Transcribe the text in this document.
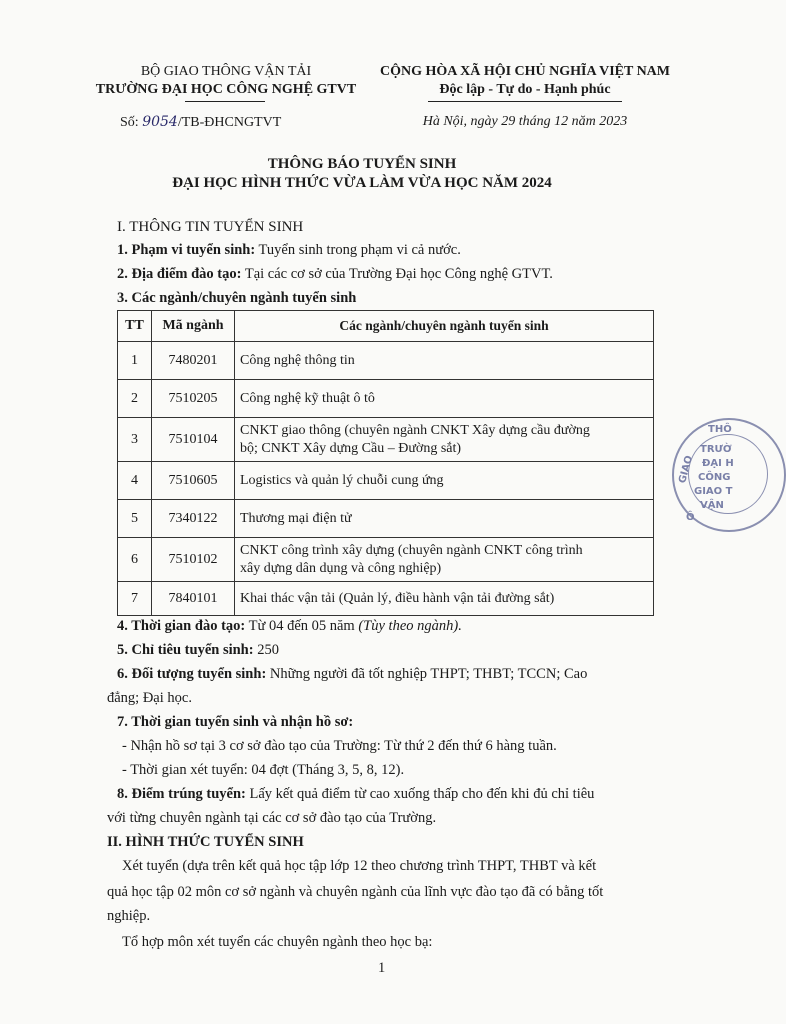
BỘ GIAO THÔNG VẬN TẢI
TRƯỜNG ĐẠI HỌC CÔNG NGHỆ GTVT
Số: 9054/TB-ĐHCNGTVT
CỘNG HÒA XÃ HỘI CHỦ NGHĨA VIỆT NAM
Độc lập - Tự do - Hạnh phúc
Hà Nội, ngày 29 tháng 12 năm 2023
THÔNG BÁO TUYỂN SINH
ĐẠI HỌC HÌNH THỨC VỪA LÀM VỪA HỌC NĂM 2024
I. THÔNG TIN TUYỂN SINH
1. Phạm vi tuyển sinh: Tuyển sinh trong phạm vi cả nước.
2. Địa điểm đào tạo: Tại các cơ sở của Trường Đại học Công nghệ GTVT.
3. Các ngành/chuyên ngành tuyển sinh
TT	Mã ngành	Các ngành/chuyên ngành tuyển sinh
1	7480201	Công nghệ thông tin
2	7510205	Công nghệ kỹ thuật ô tô
3	7510104	CNKT giao thông (chuyên ngành CNKT Xây dựng cầu đường
bộ; CNKT Xây dựng Cầu – Đường sắt)

4	7510605	Logistics và quản lý chuỗi cung ứng
5	7340122	Thương mại điện tử
6	7510102	CNKT công trình xây dựng (chuyên ngành CNKT công trình
xây dựng dân dụng và công nghiệp)

7	7840101	Khai thác vận tải (Quản lý, điều hành vận tải đường sắt)
4. Thời gian đào tạo: Từ 04 đến 05 năm (Tùy theo ngành).
5. Chỉ tiêu tuyển sinh: 250
6. Đối tượng tuyển sinh: Những người đã tốt nghiệp THPT; THBT; TCCN; Cao
đẳng; Đại học.
7. Thời gian tuyển sinh và nhận hồ sơ:
- Nhận hồ sơ tại 3 cơ sở đào tạo của Trường: Từ thứ 2 đến thứ 6 hàng tuần.
- Thời gian xét tuyển: 04 đợt (Tháng 3, 5, 8, 12).
8. Điểm trúng tuyển: Lấy kết quả điểm từ cao xuống thấp cho đến khi đủ chỉ tiêu
với từng chuyên ngành tại các cơ sở đào tạo của Trường.
II. HÌNH THỨC TUYỂN SINH
Xét tuyển (dựa trên kết quả học tập lớp 12 theo chương trình THPT, THBT và kết
quả học tập 02 môn cơ sở ngành và chuyên ngành của lĩnh vực đào tạo đã có bằng tốt
nghiệp.
Tổ hợp môn xét tuyển các chuyên ngành theo học bạ:
1
THÔ
TRƯỜ
ĐẠI H
CÔNG
GIAO T
VẬN
GIAO
Ô
